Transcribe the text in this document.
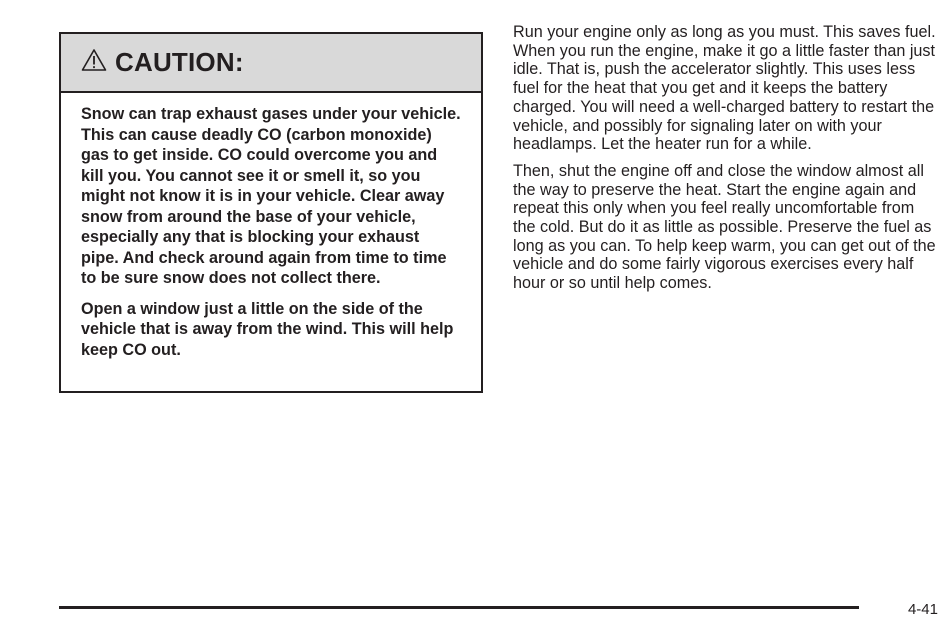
CAUTION:

Snow can trap exhaust gases under your vehicle. This can cause deadly CO (carbon monoxide) gas to get inside. CO could overcome you and kill you. You cannot see it or smell it, so you might not know it is in your vehicle. Clear away snow from around the base of your vehicle, especially any that is blocking your exhaust pipe. And check around again from time to time to be sure snow does not collect there.

Open a window just a little on the side of the vehicle that is away from the wind. This will help keep CO out.

Run your engine only as long as you must. This saves fuel. When you run the engine, make it go a little faster than just idle. That is, push the accelerator slightly. This uses less fuel for the heat that you get and it keeps the battery charged. You will need a well-charged battery to restart the vehicle, and possibly for signaling later on with your headlamps. Let the heater run for a while.

Then, shut the engine off and close the window almost all the way to preserve the heat. Start the engine again and repeat this only when you feel really uncomfortable from the cold. But do it as little as possible. Preserve the fuel as long as you can. To help keep warm, you can get out of the vehicle and do some fairly vigorous exercises every half hour or so until help comes.

4-41
